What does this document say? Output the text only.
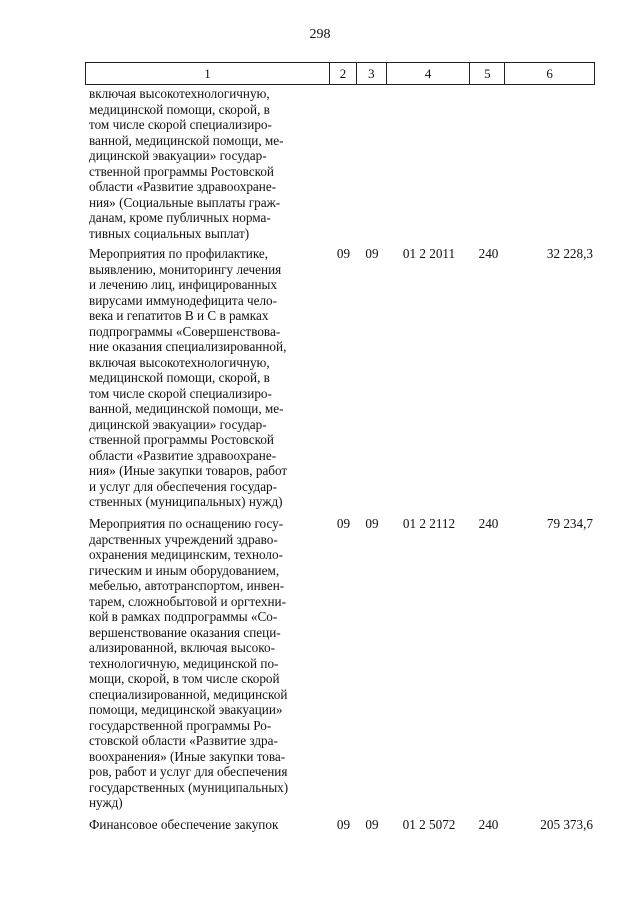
298
1	2	3	4	5	6
включая высокотехнологичную,
медицинской помощи, скорой, в
том числе скорой специализиро-
ванной, медицинской помощи, ме-
дицинской эвакуации» государ-
ственной программы Ростовской
области «Развитие здравоохране-
ния» (Социальные выплаты граж-
данам, кроме публичных норма-
тивных социальных выплат)
Мероприятия по профилактике,
выявлению, мониторингу лечения
и лечению лиц, инфицированных
вирусами иммунодефицита чело-
века и гепатитов В и С в рамках
подпрограммы «Совершенствова-
ние оказания специализированной,
включая высокотехнологичную,
медицинской помощи, скорой, в
том числе скорой специализиро-
ванной, медицинской помощи, ме-
дицинской эвакуации» государ-
ственной программы Ростовской
области «Развитие здравоохране-
ния» (Иные закупки товаров, работ
и услуг для обеспечения государ-
ственных (муниципальных) нужд)
09	09	01 2 2011	240	32 228,3
Мероприятия по оснащению госу-
дарственных учреждений здраво-
охранения медицинским, техноло-
гическим и иным оборудованием,
мебелью, автотранспортом, инвен-
тарем, сложнобытовой и оргтехни-
кой в рамках подпрограммы «Со-
вершенствование оказания специ-
ализированной, включая высоко-
технологичную, медицинской по-
мощи, скорой, в том числе скорой
специализированной, медицинской
помощи, медицинской эвакуации»
государственной программы Ро-
стовской области «Развитие здра-
воохранения» (Иные закупки това-
ров, работ и услуг для обеспечения
государственных (муниципальных)
нужд)
09	09	01 2 2112	240	79 234,7
Финансовое обеспечение закупок	09	09	01 2 5072	240	205 373,6
